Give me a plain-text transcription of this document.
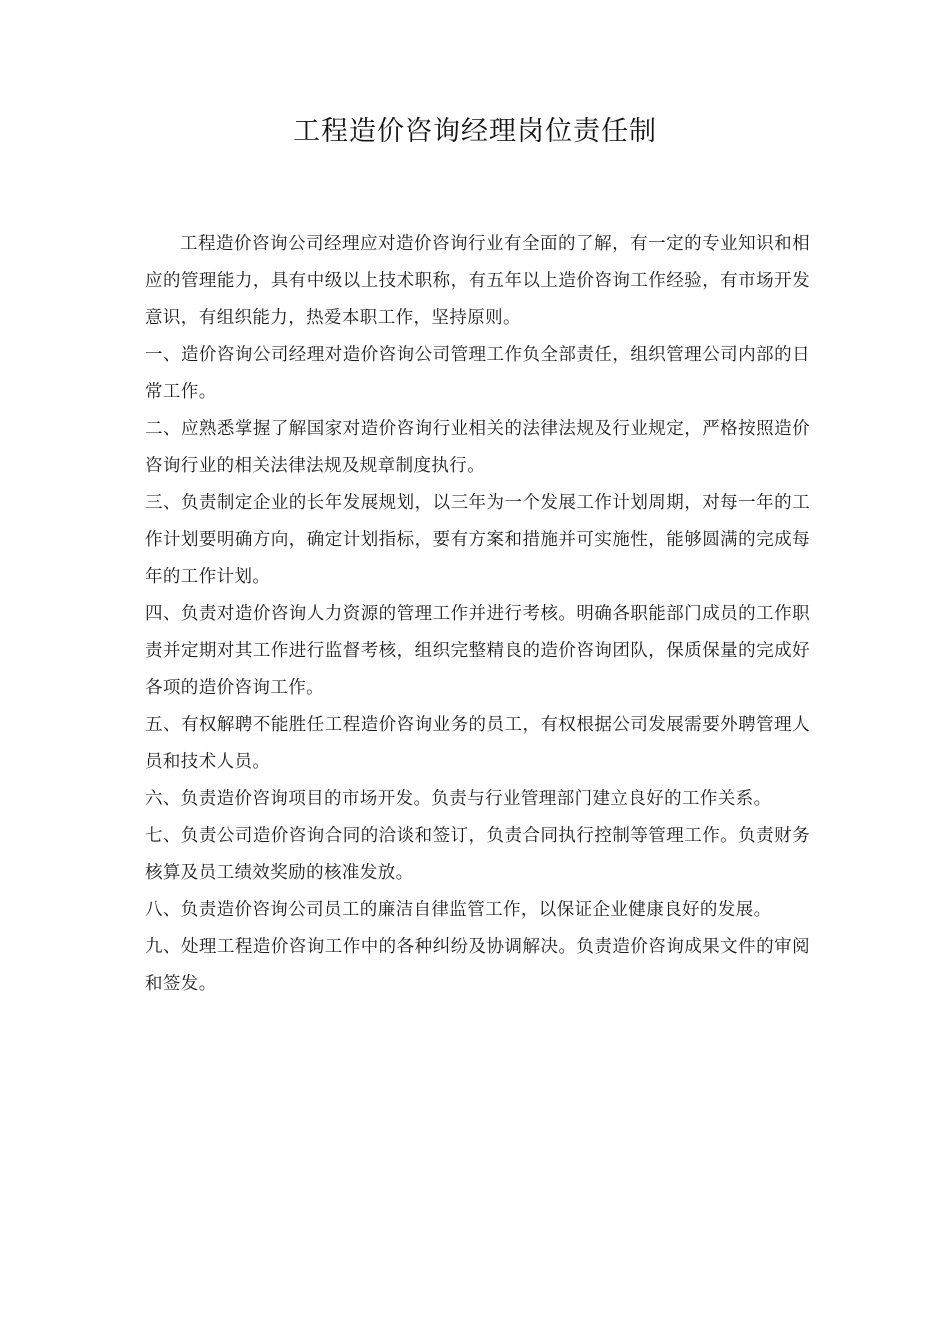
工程造价咨询经理岗位责任制

工程造价咨询公司经理应对造价咨询行业有全面的了解，有一定的专业知识和相应的管理能力，具有中级以上技术职称，有五年以上造价咨询工作经验，有市场开发意识，有组织能力，热爱本职工作，坚持原则。

一、造价咨询公司经理对造价咨询公司管理工作负全部责任，组织管理公司内部的日常工作。

二、应熟悉掌握了解国家对造价咨询行业相关的法律法规及行业规定，严格按照造价咨询行业的相关法律法规及规章制度执行。

三、负责制定企业的长年发展规划，以三年为一个发展工作计划周期，对每一年的工作计划要明确方向，确定计划指标，要有方案和措施并可实施性，能够圆满的完成每年的工作计划。

四、负责对造价咨询人力资源的管理工作并进行考核。明确各职能部门成员的工作职责并定期对其工作进行监督考核，组织完整精良的造价咨询团队，保质保量的完成好各项的造价咨询工作。

五、有权解聘不能胜任工程造价咨询业务的员工，有权根据公司发展需要外聘管理人员和技术人员。

六、负责造价咨询项目的市场开发。负责与行业管理部门建立良好的工作关系。

七、负责公司造价咨询合同的洽谈和签订，负责合同执行控制等管理工作。负责财务核算及员工绩效奖励的核准发放。

八、负责造价咨询公司员工的廉洁自律监管工作，以保证企业健康良好的发展。

九、处理工程造价咨询工作中的各种纠纷及协调解决。负责造价咨询成果文件的审阅和签发。
